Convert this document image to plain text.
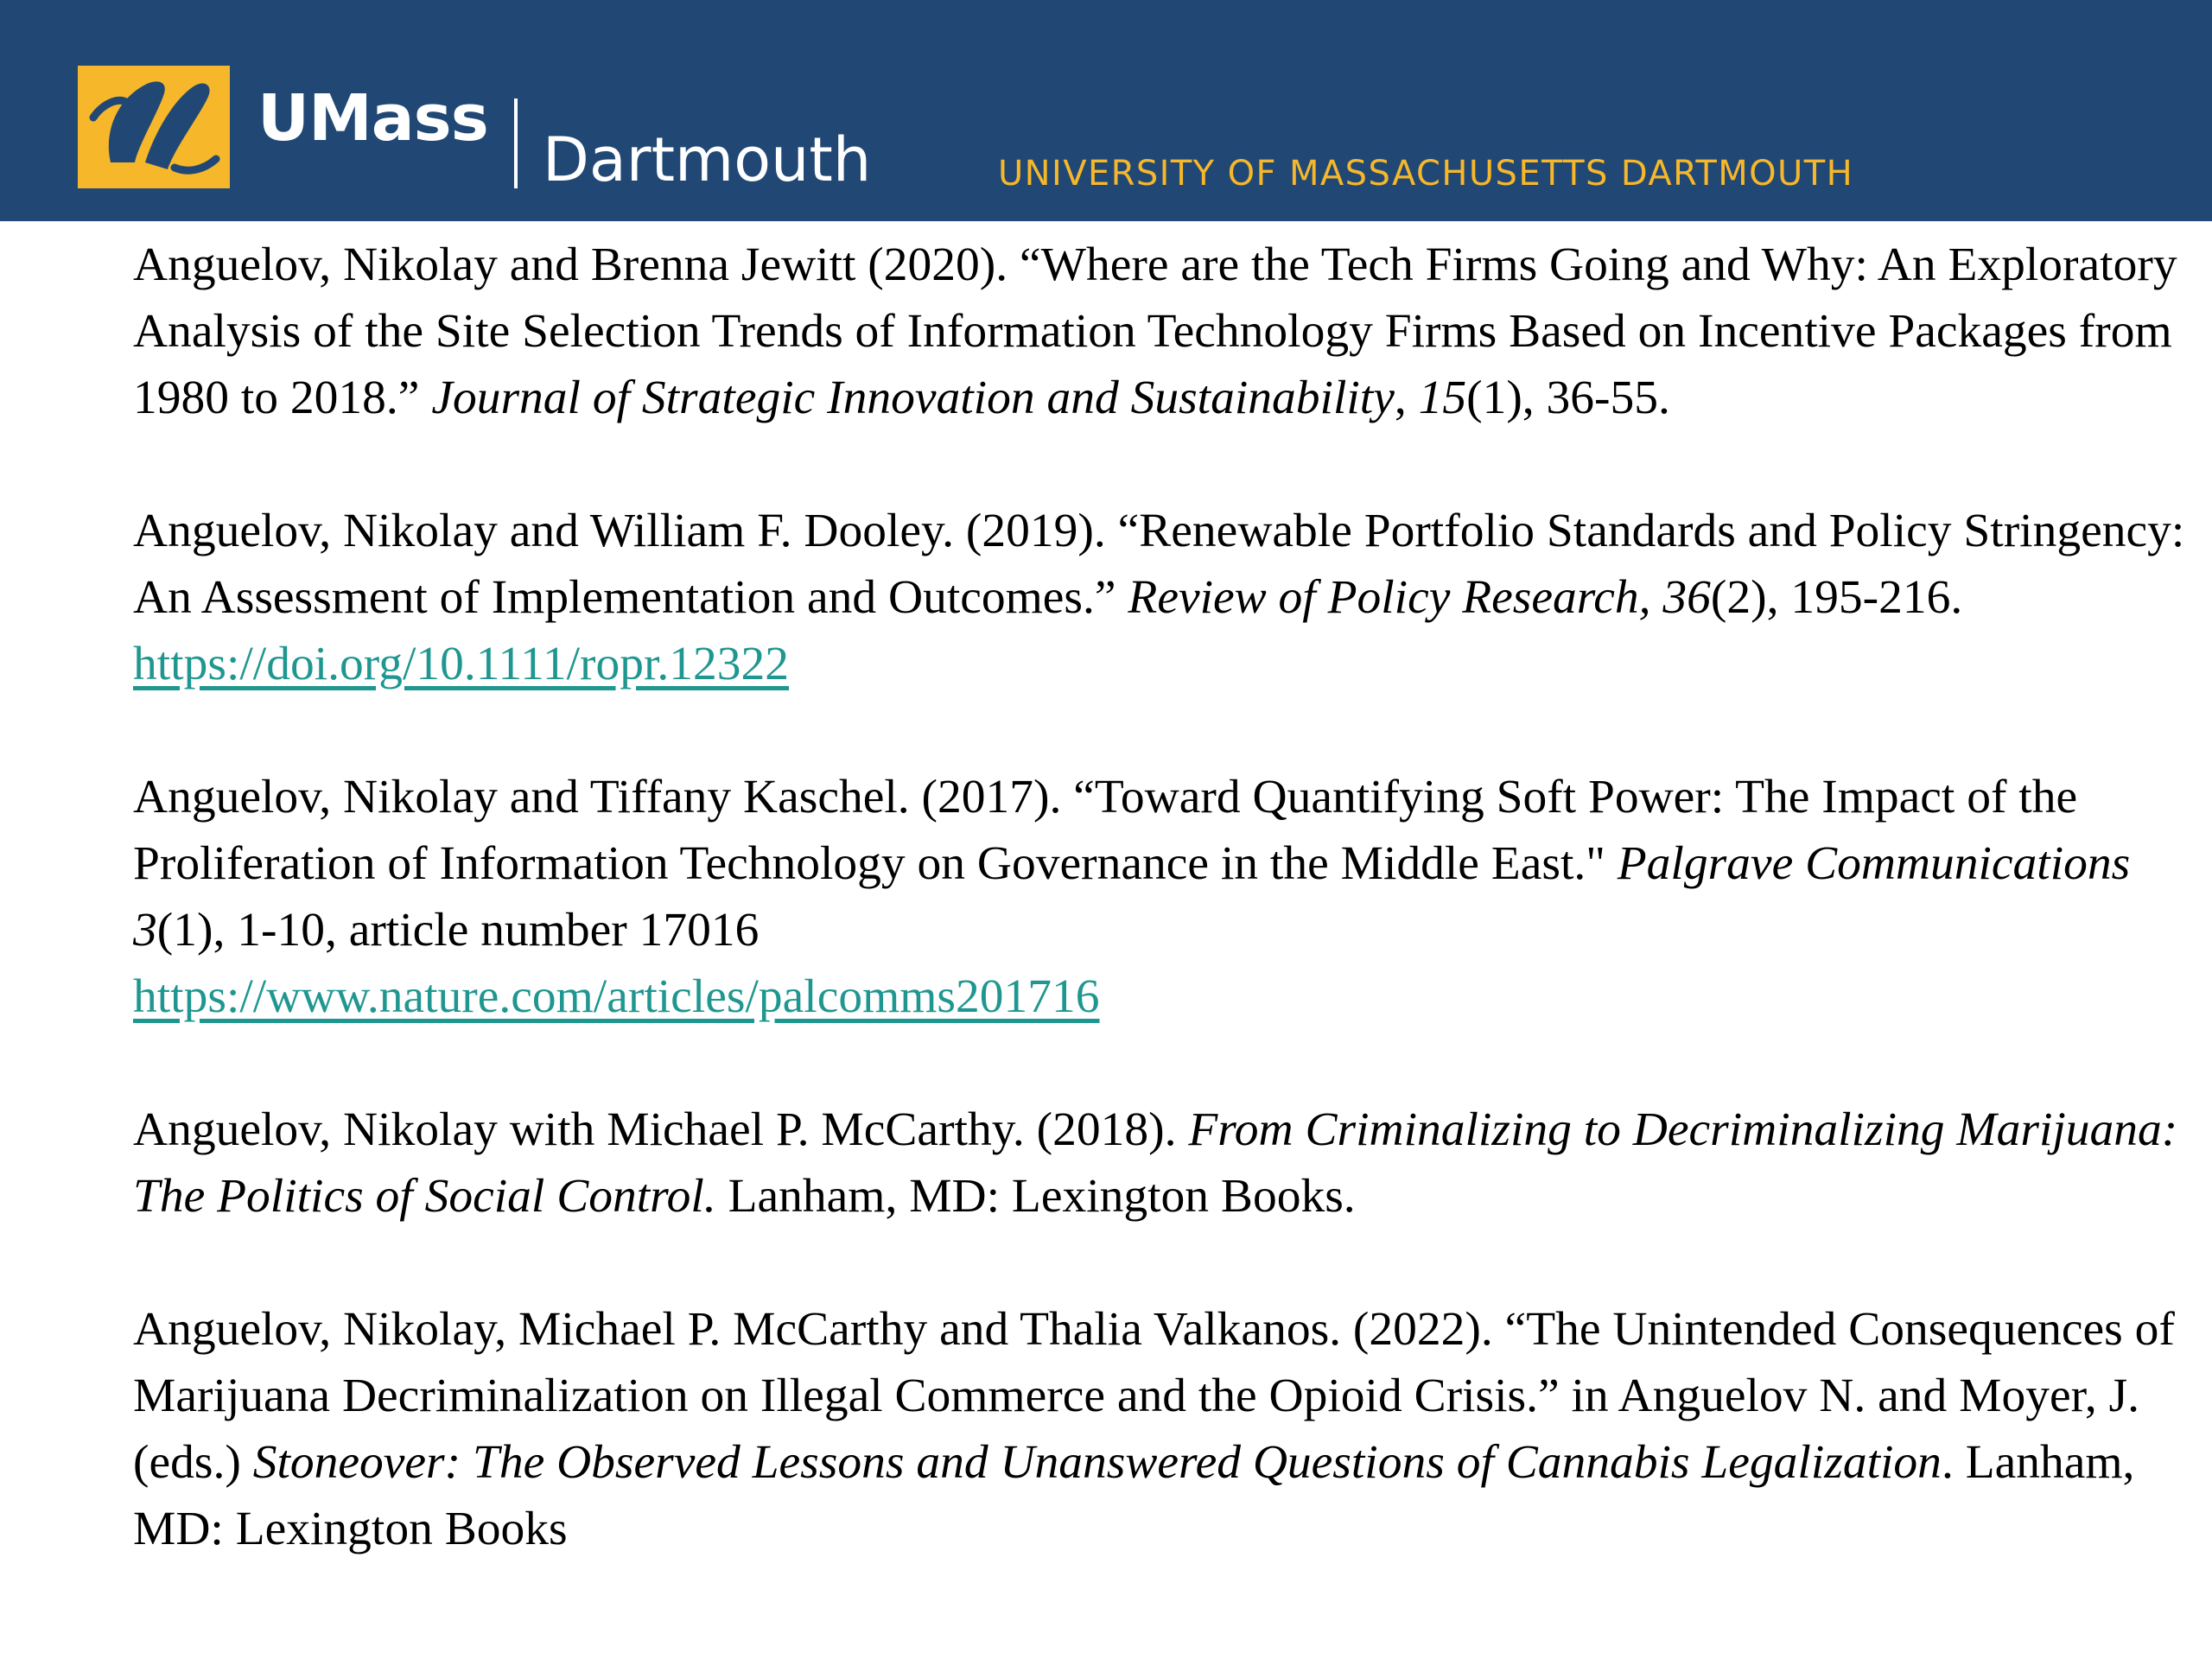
UMass
Dartmouth	UNIVERSITY OF MASSACHUSETTS DARTMOUTH

Anguelov, Nikolay and Brenna Jewitt (2020). “Where are the Tech Firms Going and Why: An Exploratory Analysis of the Site Selection Trends of Information Technology Firms Based on Incentive Packages from 1980 to 2018.” Journal of Strategic Innovation and Sustainability, 15(1), 36-55.

Anguelov, Nikolay and William F. Dooley. (2019). “Renewable Portfolio Standards and Policy Stringency: An Assessment of Implementation and Outcomes.” Review of Policy Research, 36(2), 195-216. https://doi.org/10.1111/ropr.12322

Anguelov, Nikolay and Tiffany Kaschel. (2017). “Toward Quantifying Soft Power: The Impact of the Proliferation of Information Technology on Governance in the Middle East." Palgrave Communications 3(1), 1-10, article number 17016
https://www.nature.com/articles/palcomms201716

Anguelov, Nikolay with Michael P. McCarthy. (2018). From Criminalizing to Decriminalizing Marijuana: The Politics of Social Control. Lanham, MD: Lexington Books.

Anguelov, Nikolay, Michael P. McCarthy and Thalia Valkanos. (2022). “The Unintended Consequences of Marijuana Decriminalization on Illegal Commerce and the Opioid Crisis.” in Anguelov N. and Moyer, J. (eds.) Stoneover: The Observed Lessons and Unanswered Questions of Cannabis Legalization. Lanham, MD: Lexington Books
